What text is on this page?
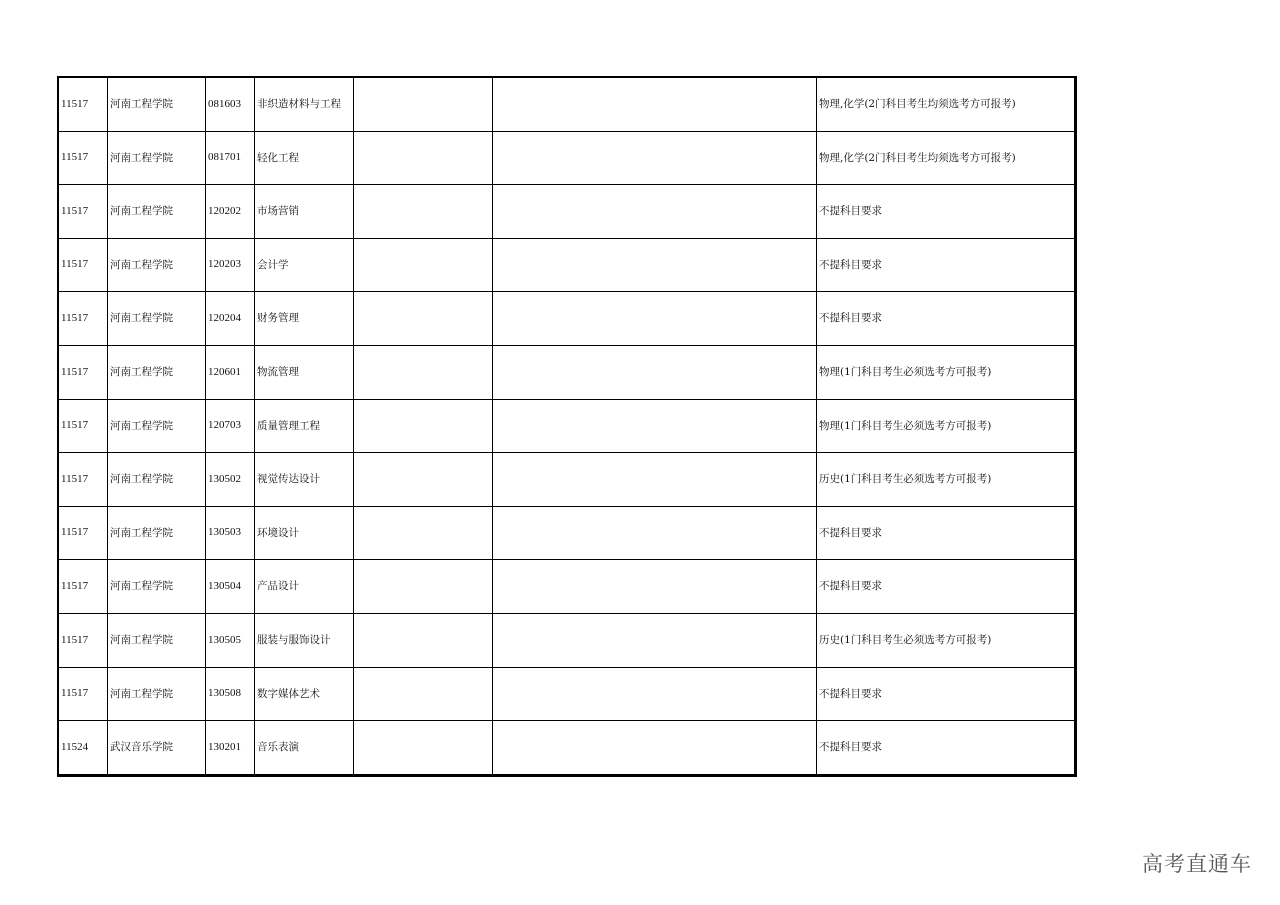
11517	河南工程学院	081603	非织造材料与工程			物理,化学(2门科目考生均须选考方可报考)
11517	河南工程学院	081701	轻化工程			物理,化学(2门科目考生均须选考方可报考)
11517	河南工程学院	120202	市场营销			不提科目要求
11517	河南工程学院	120203	会计学			不提科目要求
11517	河南工程学院	120204	财务管理			不提科目要求
11517	河南工程学院	120601	物流管理			物理(1门科目考生必须选考方可报考)
11517	河南工程学院	120703	质量管理工程			物理(1门科目考生必须选考方可报考)
11517	河南工程学院	130502	视觉传达设计			历史(1门科目考生必须选考方可报考)
11517	河南工程学院	130503	环境设计			不提科目要求
11517	河南工程学院	130504	产品设计			不提科目要求
11517	河南工程学院	130505	服装与服饰设计			历史(1门科目考生必须选考方可报考)
11517	河南工程学院	130508	数字媒体艺术			不提科目要求
11524	武汉音乐学院	130201	音乐表演			不提科目要求
高考直通车
